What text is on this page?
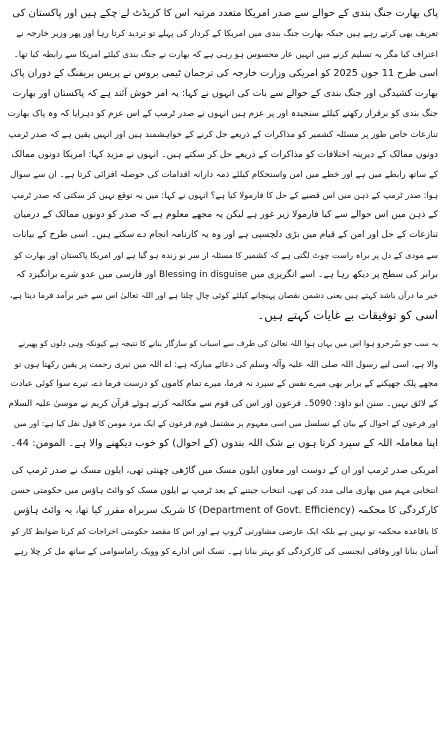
پاک بھارت جنگ بندی کے حوالے سے صدر امریکا متعدد مرتبہ اس کا کریڈٹ لے چکے ہیں اور پاکستان کی
تعریف بھی کرتے رہے ہیں جبکہ بھارت جنگ بندی میں امریکا کے کردار کی پہلے تو تردید کرتا رہا اور پھر وزیر خارجہ نے
اعتراف کیا مگر یہ تسلیم کرنے میں انہیں عار محسوس ہو رہی ہے کہ بھارت نے جنگ بندی کیلئے امریکا سے رابطہ کیا تھا۔
اسی طرح 11 جون 2025 کو امریکی وزارت خارجہ کی ترجمان ٹیمی بروس نے پریس بریفنگ کے دوران پاک
بھارت کشیدگی اور جنگ بندی کے حوالے سے بات کی انہوں نے کہا: یہ امر خوش آئند ہے کہ پاکستان اور بھارت
جنگ بندی کو برقرار رکھنے کیلئے سنجیدہ اور پر عزم ہیں انہوں نے صدر ٹرمپ کے اس عزم کو دہرایا کہ وہ پاک بھارت
تنازعات خاص طور پر مسئلہ کشمیر کو مذاکرات کے ذریعے حل کرنے کے خواہشمند ہیں اور انہیں یقین ہے کہ صدر ٹرمپ
دونوں ممالک کے دیرینہ اختلافات کو مذاکرات کے ذریعے حل کر سکتے ہیں۔ انہوں نے مزید کہا: امریکا دونوں ممالک
کے ساتھ رابطے میں ہے اور خطے میں امن واستحکام کیلئے ذمہ دارانہ اقدامات کی حوصلہ افزائی کرتا ہے۔ ان سے سوال
ہوا: صدر ٹرمپ کے ذہن میں اس قضیے کے حل کا فارمولا کیا ہے؟ انہوں نے کہا: میں یہ توقع نہیں کر سکتی کہ صدر ٹرمپ
کے ذہن میں اس حوالے سے کیا فارمولا زیر غور ہے لیکن یہ مجھے معلوم ہے کہ صدر کو دونوں ممالک کے درمیان
تنازعات کے حل اور امن کے قیام میں بڑی دلچسپی ہے اور وہ یہ کارنامہ انجام دے سکتے ہیں۔ اسی طرح کے بیانات
سے مودی کے دل پر براہ راست چوٹ لگتی ہے کہ کشمیر کا مسئلہ از سر نو زندہ ہو گیا ہے اور امریکا پاکستان اور بھارت کو
برابر کی سطح پر دیکھ رہا ہے۔ اسے انگریزی میں Blessing in disguise اور فارسی میں عدو شرے برانگیزد کہ
خیر ما درآں باشد کہتے ہیں یعنی دشمن نقصان پہنچانے کیلئے کوئی چال چلتا ہے اور اللہ تعالیٰ اس سے خیر برآمد فرما دیتا ہے،
اسی کو توفیقات بے غایات کہتے ہیں۔
یہ سب جو سُرخرو ہوا اس میں یہاں ہوا اللہ تعالیٰ کی طرف سے اسباب کو سازگار بنانے کا نتیجہ ہے کیونکہ وہی دلوں کو پھیرنے
والا ہے، اسی لیے رسول اللہ صلی اللہ علیہ وآلہ وسلم کی دعائے مبارکہ ہے: اے اللہ میں تیری رحمت پر یقین رکھتا ہوں تو
مجھے پلک جھپکنے کے برابر بھی میرے نفس کے سپرد نہ فرما، میرے تمام کاموں کو درست فرما دے، تیرے سوا کوئی عبادت
کے لائق نہیں۔ سنن ابو داؤد: 5090۔ فرعون اور اس کی قوم سے مکالمہ کرتے ہوئے قرآن کریم نے موسیٰ علیہ السلام
اور فرعون کے احوال کے بیان کے تسلسل میں اسی مفہوم پر مشتمل قوم فرعون کے ایک مرد مومن کا قول نقل کیا ہے: اور میں
اپنا معاملہ اللہ کے سپرد کرتا ہوں بے شک اللہ بندوں (کے احوال) کو خوب دیکھنے والا ہے۔ المومن: 44۔
امریکی صدر ٹرمپ اور ان کے دوست اور معاون ایلون مسک میں گاڑھی چھنتی تھی، ایلون مسک نے صدر ٹرمپ کی
انتخابی مہم میں بھاری مالی مدد کی تھی، انتخاب جیتنے کے بعد ٹرمپ نے ایلون مسک کو وائٹ ہاؤس میں حکومتی حسن
کارکردگی کا محکمہ (Department of Govt. Efficiency) کا شریک سربراہ مقرر کیا تھا، یہ وائٹ ہاؤس
کا باقاعدہ محکمہ تو نہیں ہے بلکہ ایک عارضی مشاورتی گروپ ہے اور اس کا مقصد حکومتی اخراجات کم کرنا ضوابط کار کو
آسان بنانا اور وفاقی ایجنسی کی کارکردگی کو بہتر بنانا ہے۔ تسک اس ادارے کو وویک راماسوامی کے ساتھ مل کر چلا رہے
